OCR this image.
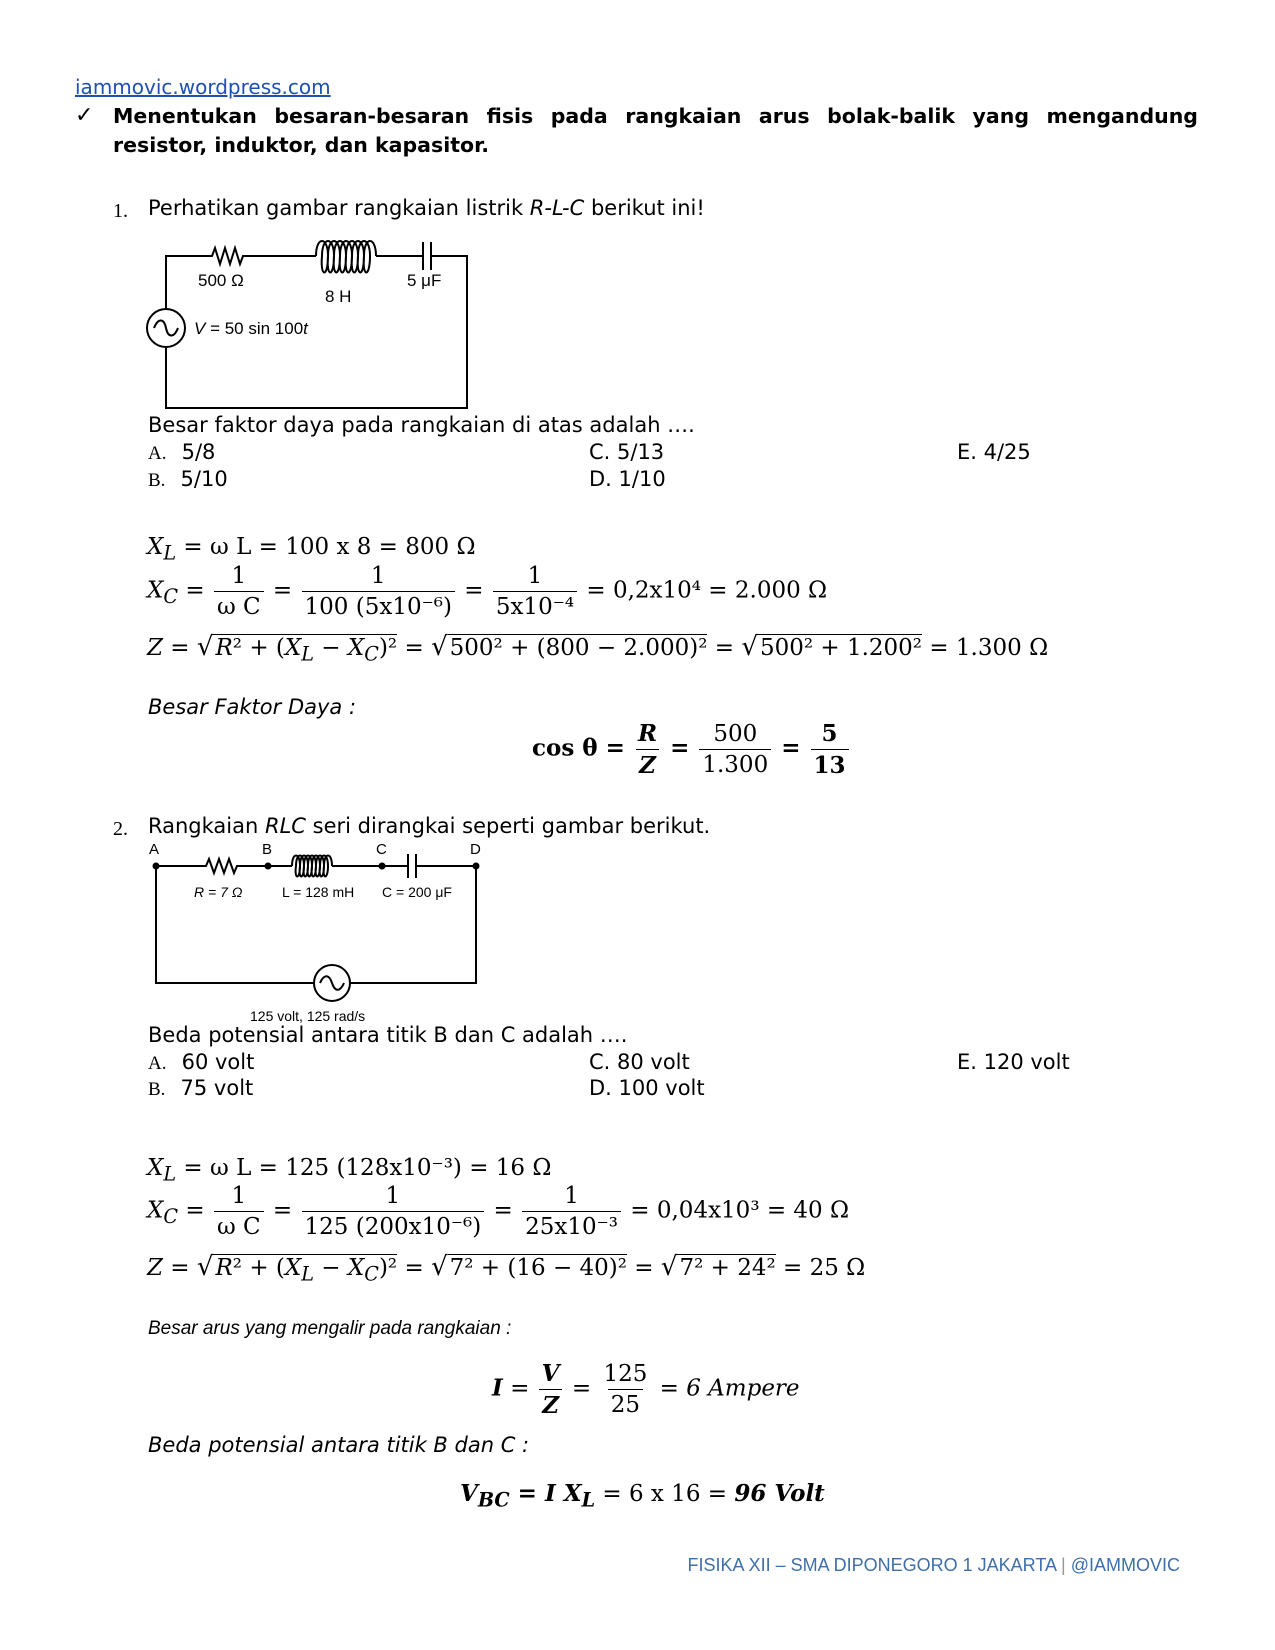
iammovic.wordpress.com
✓ Menentukan besaran-besaran fisis pada rangkaian arus bolak-balik yang mengandung resistor, induktor, dan kapasitor.
1. Perhatikan gambar rangkaian listrik R-L-C berikut ini!
500 Ω
8 H
5 μF
V = 50 sin 100t
Besar faktor daya pada rangkaian di atas adalah ….
A. 5/8
B. 5/10
C. 5/13
D. 1/10
E. 4/25
$X_L = \omega$ L = 100 x 8 = 800 Ω
$X_C = \frac{1}{\text{ω C}} = \frac{1}{\text{100 (5x10⁻⁶)}} = \frac{1}{\text{5x10⁻⁴}} = 0,2x10^4 = 2.000$ Ω
$Z = √R^2 + (X_L - X_C)^2 = √500^2 + (800 - 2.000)^2 = √500^2 + 1.200^2 = 1.300$ Ω
Besar Faktor Daya :
$\cos \theta = \frac{R}{Z} = \frac{500}{1.300} = \frac{5}{13}$
2. Rangkaian RLC seri dirangkai seperti gambar berikut.
A	B	C	D
R = 7 Ω	L = 128 mH C = 200 μF
125 volt, 125 rad/s
Beda potensial antara titik B dan C adalah ….
A. 60 volt
B. 75 volt
C. 80 volt
D. 100 volt
E. 120 volt
$X_L = \omega$ L = 125 (128x10⁻³) = 16 Ω
$X_C = \frac{1}{\text{ω C}} = \frac{1}{\text{125 (200x10⁻⁶)}} = \frac{1}{\text{25x10⁻³}} = 0,04x10^3 = 40$ Ω
$Z = √R^2 + (X_L - X_C)^2 = √7^2 + (16 - 40)^2 = √7^2 + 24^2 = 25$ Ω
Besar arus yang mengalir pada rangkaian :
$I = \frac{V}{Z} = \frac{125}{25} = 6$ Ampere
Beda potensial antara titik B dan C :
$V_{BC} = I$ $X_L = 6$ x 16 = 96 Volt
FISIKA XII – SMA DIPONEGORO 1 JAKARTA | @IAMMOVIC
